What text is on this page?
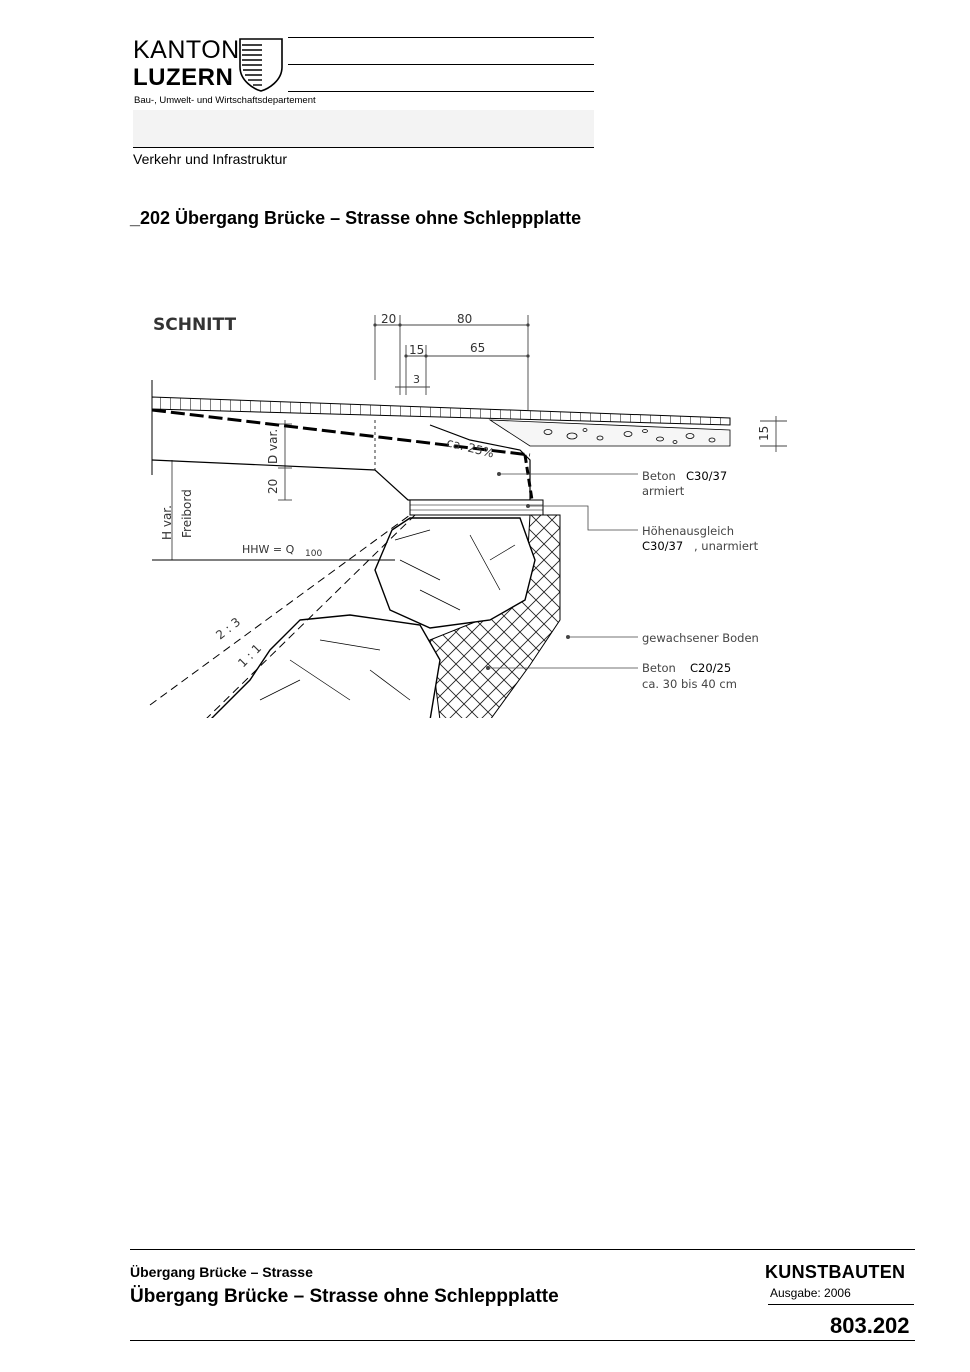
KANTON
LUZERN
Bau-, Umwelt- und Wirtschaftsdepartement
Verkehr und Infrastruktur
_202 Übergang Brücke – Strasse ohne Schleppplatte
SCHNITT	20	80
15	65
3
15
20
D var.
H var. Freibord
ca. 25%
2 : 3
1 : 1
HHW = Q 100
Beton C30/37
armiert
Höhenausgleich
C30/37 , unarmiert
gewachsener Boden
Beton C20/25
ca. 30 bis 40 cm
Übergang Brücke – Strasse
Übergang Brücke – Strasse ohne Schleppplatte
KUNSTBAUTEN
Ausgabe: 2006
803.202
